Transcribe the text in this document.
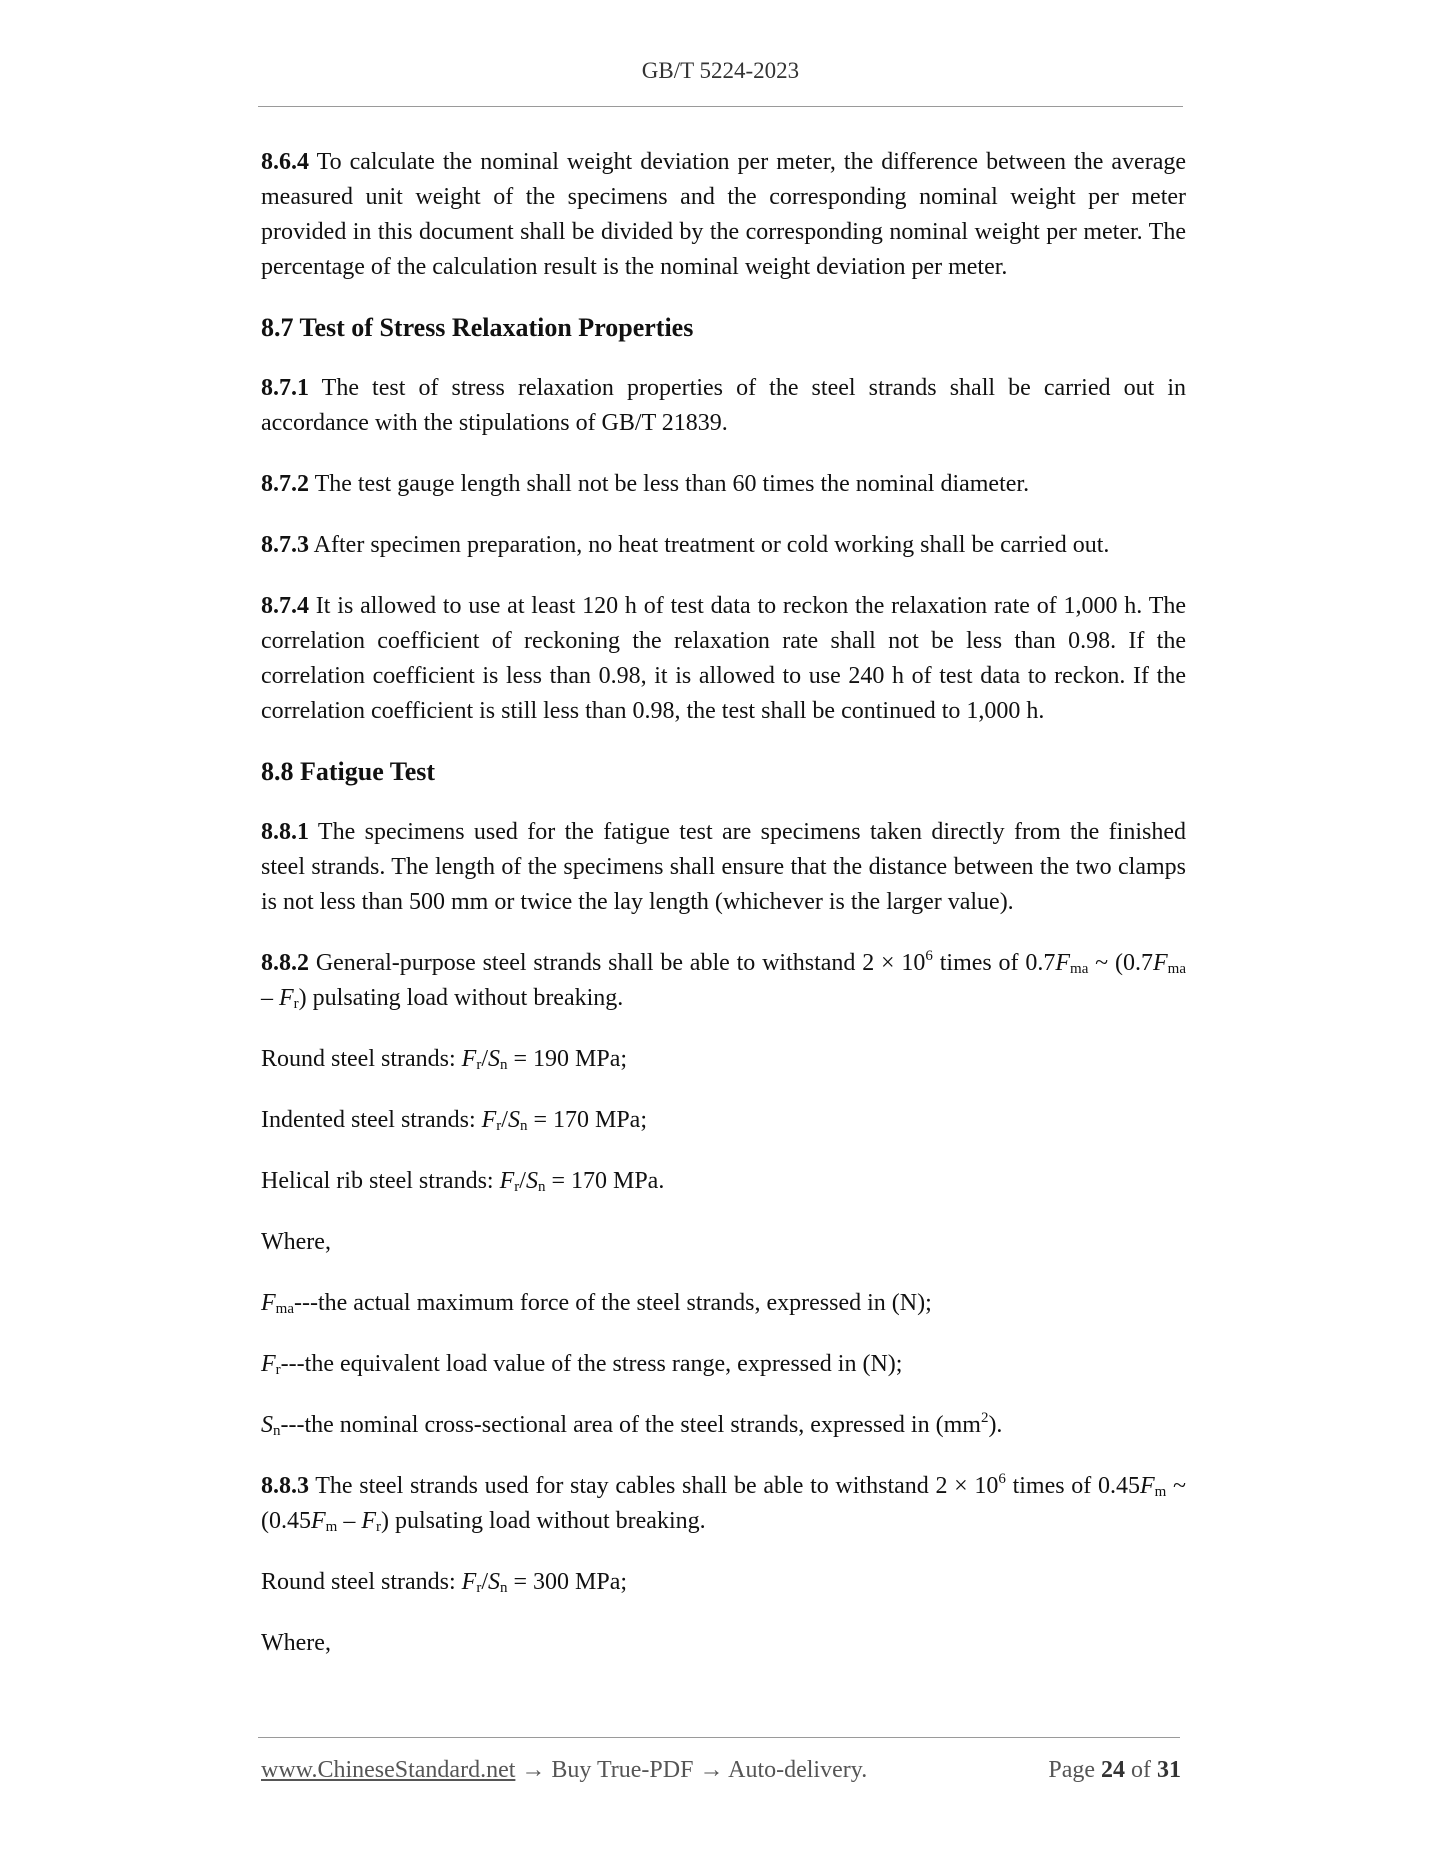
GB/T 5224-2023

8.6.4 To calculate the nominal weight deviation per meter, the difference between the average measured unit weight of the specimens and the corresponding nominal weight per meter provided in this document shall be divided by the corresponding nominal weight per meter. The percentage of the calculation result is the nominal weight deviation per meter.

8.7 Test of Stress Relaxation Properties

8.7.1 The test of stress relaxation properties of the steel strands shall be carried out in accordance with the stipulations of GB/T 21839.

8.7.2 The test gauge length shall not be less than 60 times the nominal diameter.

8.7.3 After specimen preparation, no heat treatment or cold working shall be carried out.

8.7.4 It is allowed to use at least 120 h of test data to reckon the relaxation rate of 1,000 h. The correlation coefficient of reckoning the relaxation rate shall not be less than 0.98. If the correlation coefficient is less than 0.98, it is allowed to use 240 h of test data to reckon. If the correlation coefficient is still less than 0.98, the test shall be continued to 1,000 h.

8.8 Fatigue Test

8.8.1 The specimens used for the fatigue test are specimens taken directly from the finished steel strands. The length of the specimens shall ensure that the distance between the two clamps is not less than 500 mm or twice the lay length (whichever is the larger value).

8.8.2 General-purpose steel strands shall be able to withstand $2 \times 10^6$ times of $0.7F_{ma}$ ~ $(0.7F_{ma} - F_r)$ pulsating load without breaking.

Round steel strands: $F_r/S_n = 190$ MPa;

Indented steel strands: $F_r/S_n = 170$ MPa;

Helical rib steel strands: $F_r/S_n = 170$ MPa.

Where,

$F_{ma}--$-the actual maximum force of the steel strands, expressed in (N);

$F_r--$-the equivalent load value of the stress range, expressed in (N);

$S_n--$-the nominal cross-sectional area of the steel strands, expressed in $(mm^2)$.

8.8.3 The steel strands used for stay cables shall be able to withstand $2 \times 10^6$ times of $0.45F_m$ ~ $(0.45F_m - F_r)$ pulsating load without breaking.

Round steel strands: $F_r/S_n = 300$ MPa;

Where,

www.ChineseStandard.net → Buy True-PDF → Auto-delivery.	Page 24 of 31
